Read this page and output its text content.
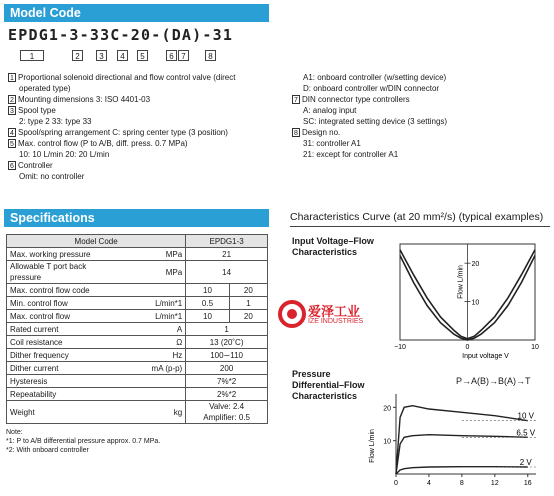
Model Code
EPDG1-3-33C-20-(DA)-31
1	2	3	4	5	6 7	8
1 Proportional solenoid directional and flow control valve (direct
operated type)
2 Mounting dimensions 3: ISO 4401-03
3 Spool type
2: type 2 33: type 33
4 Spool/spring arrangement C: spring center type (3 position)
5 Max. control flow (P to A/B, diff. press. 0.7 MPa)
10: 10 L/min 20: 20 L/min
6 Controller
Omit: no controller
A1: onboard controller (w/setting device)
D: onboard controller w/DIN connector
7 DIN connector type controllers
A: analog input
SC: integrated setting device (3 settings)
8 Design no.
31: controller A1
21: except for controller A1
Specifications
Model Code		EPDG1-3	
Max. working pressure	MPa	21	
Allowable T port back pressure	MPa	14	
Max. control flow code		10	20
Min. control flow	L/min*1	0.5	1
Max. control flow	L/min*1	10	20
Rated current	A	1	
Coil resistance	Ω	13 (20˚C)	
Dither frequency	Hz	100∼110	
Dither current	mA (p-p)	200	
Hysteresis		7%*2	
Repeatability		2%*2	
Weight	kg	Valve: 2.4
Amplifier: 0.5	
Note:
*1: P to A/B differential pressure approx. 0.7 MPa.
*2: With onboard controller
Characteristics Curve (at 20 mm²/s) (typical examples)
Input Voltage–Flow Characteristics
−10	0	10
10
20
Input voltage V
Flow L/min
Pressure Differential–Flow Characteristics
P→A(B)→B(A)→T
0	4	8	12	16
10
20
Flow L/min
10 V
6.5 V
2 V
爱泽工业
IZE INDUSTRIES
